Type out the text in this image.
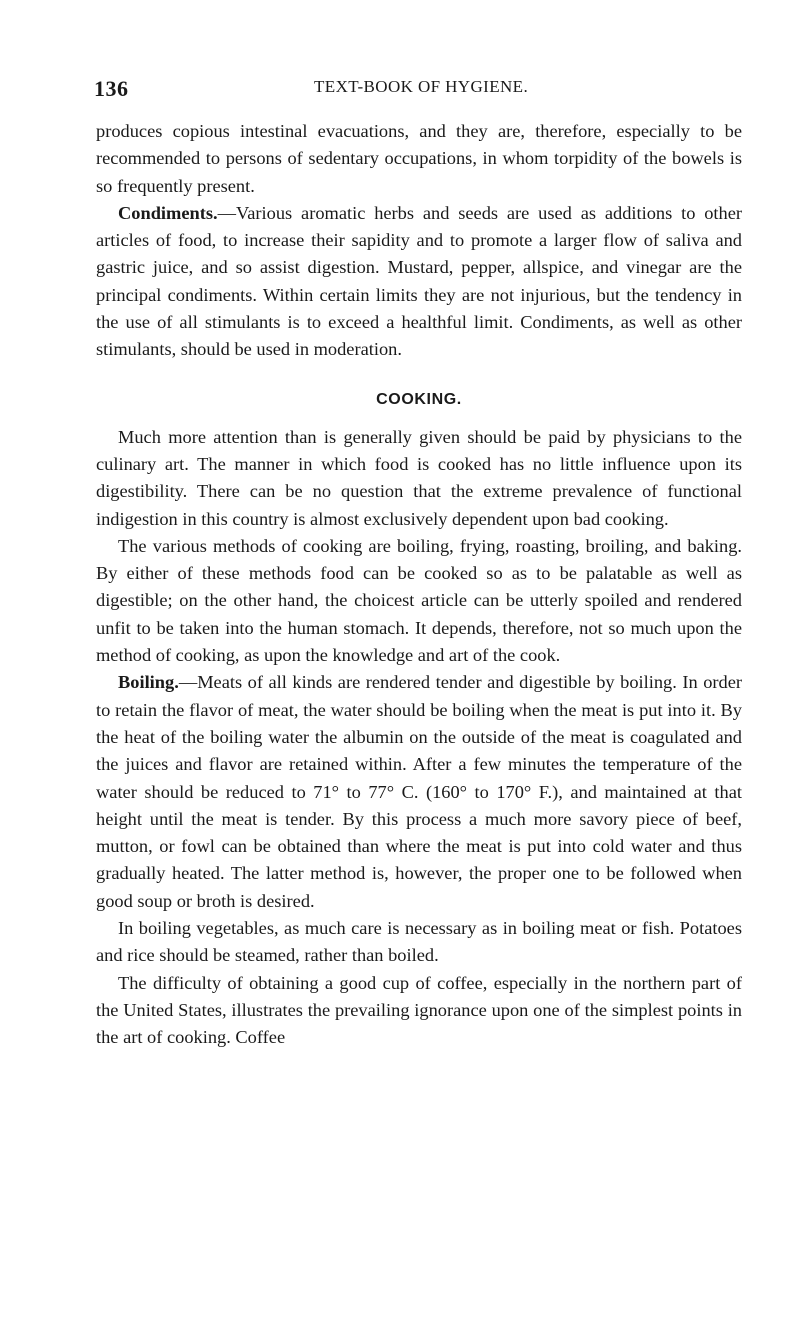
136	TEXT-BOOK OF HYGIENE.

produces copious intestinal evacuations, and they are, therefore, especially to be recommended to persons of sedentary occupations, in whom torpidity of the bowels is so frequently present.

Condiments.—Various aromatic herbs and seeds are used as additions to other articles of food, to increase their sapidity and to promote a larger flow of saliva and gastric juice, and so assist digestion. Mustard, pepper, allspice, and vinegar are the principal condiments. Within certain limits they are not injurious, but the tendency in the use of all stimulants is to exceed a healthful limit. Condiments, as well as other stimulants, should be used in moderation.

COOKING.

Much more attention than is generally given should be paid by physicians to the culinary art. The manner in which food is cooked has no little influence upon its digestibility. There can be no question that the extreme prevalence of functional indigestion in this country is almost exclusively dependent upon bad cooking.

The various methods of cooking are boiling, frying, roasting, broiling, and baking. By either of these methods food can be cooked so as to be palatable as well as digestible; on the other hand, the choicest article can be utterly spoiled and rendered unfit to be taken into the human stomach. It depends, therefore, not so much upon the method of cooking, as upon the knowledge and art of the cook.

Boiling.—Meats of all kinds are rendered tender and digestible by boiling. In order to retain the flavor of meat, the water should be boiling when the meat is put into it. By the heat of the boiling water the albumin on the outside of the meat is coagulated and the juices and flavor are retained within. After a few minutes the temperature of the water should be reduced to 71° to 77° C. (160° to 170° F.), and maintained at that height until the meat is tender. By this process a much more savory piece of beef, mutton, or fowl can be obtained than where the meat is put into cold water and thus gradually heated. The latter method is, however, the proper one to be followed when good soup or broth is desired.

In boiling vegetables, as much care is necessary as in boiling meat or fish. Potatoes and rice should be steamed, rather than boiled.

The difficulty of obtaining a good cup of coffee, especially in the northern part of the United States, illustrates the prevailing ignorance upon one of the simplest points in the art of cooking. Coffee
